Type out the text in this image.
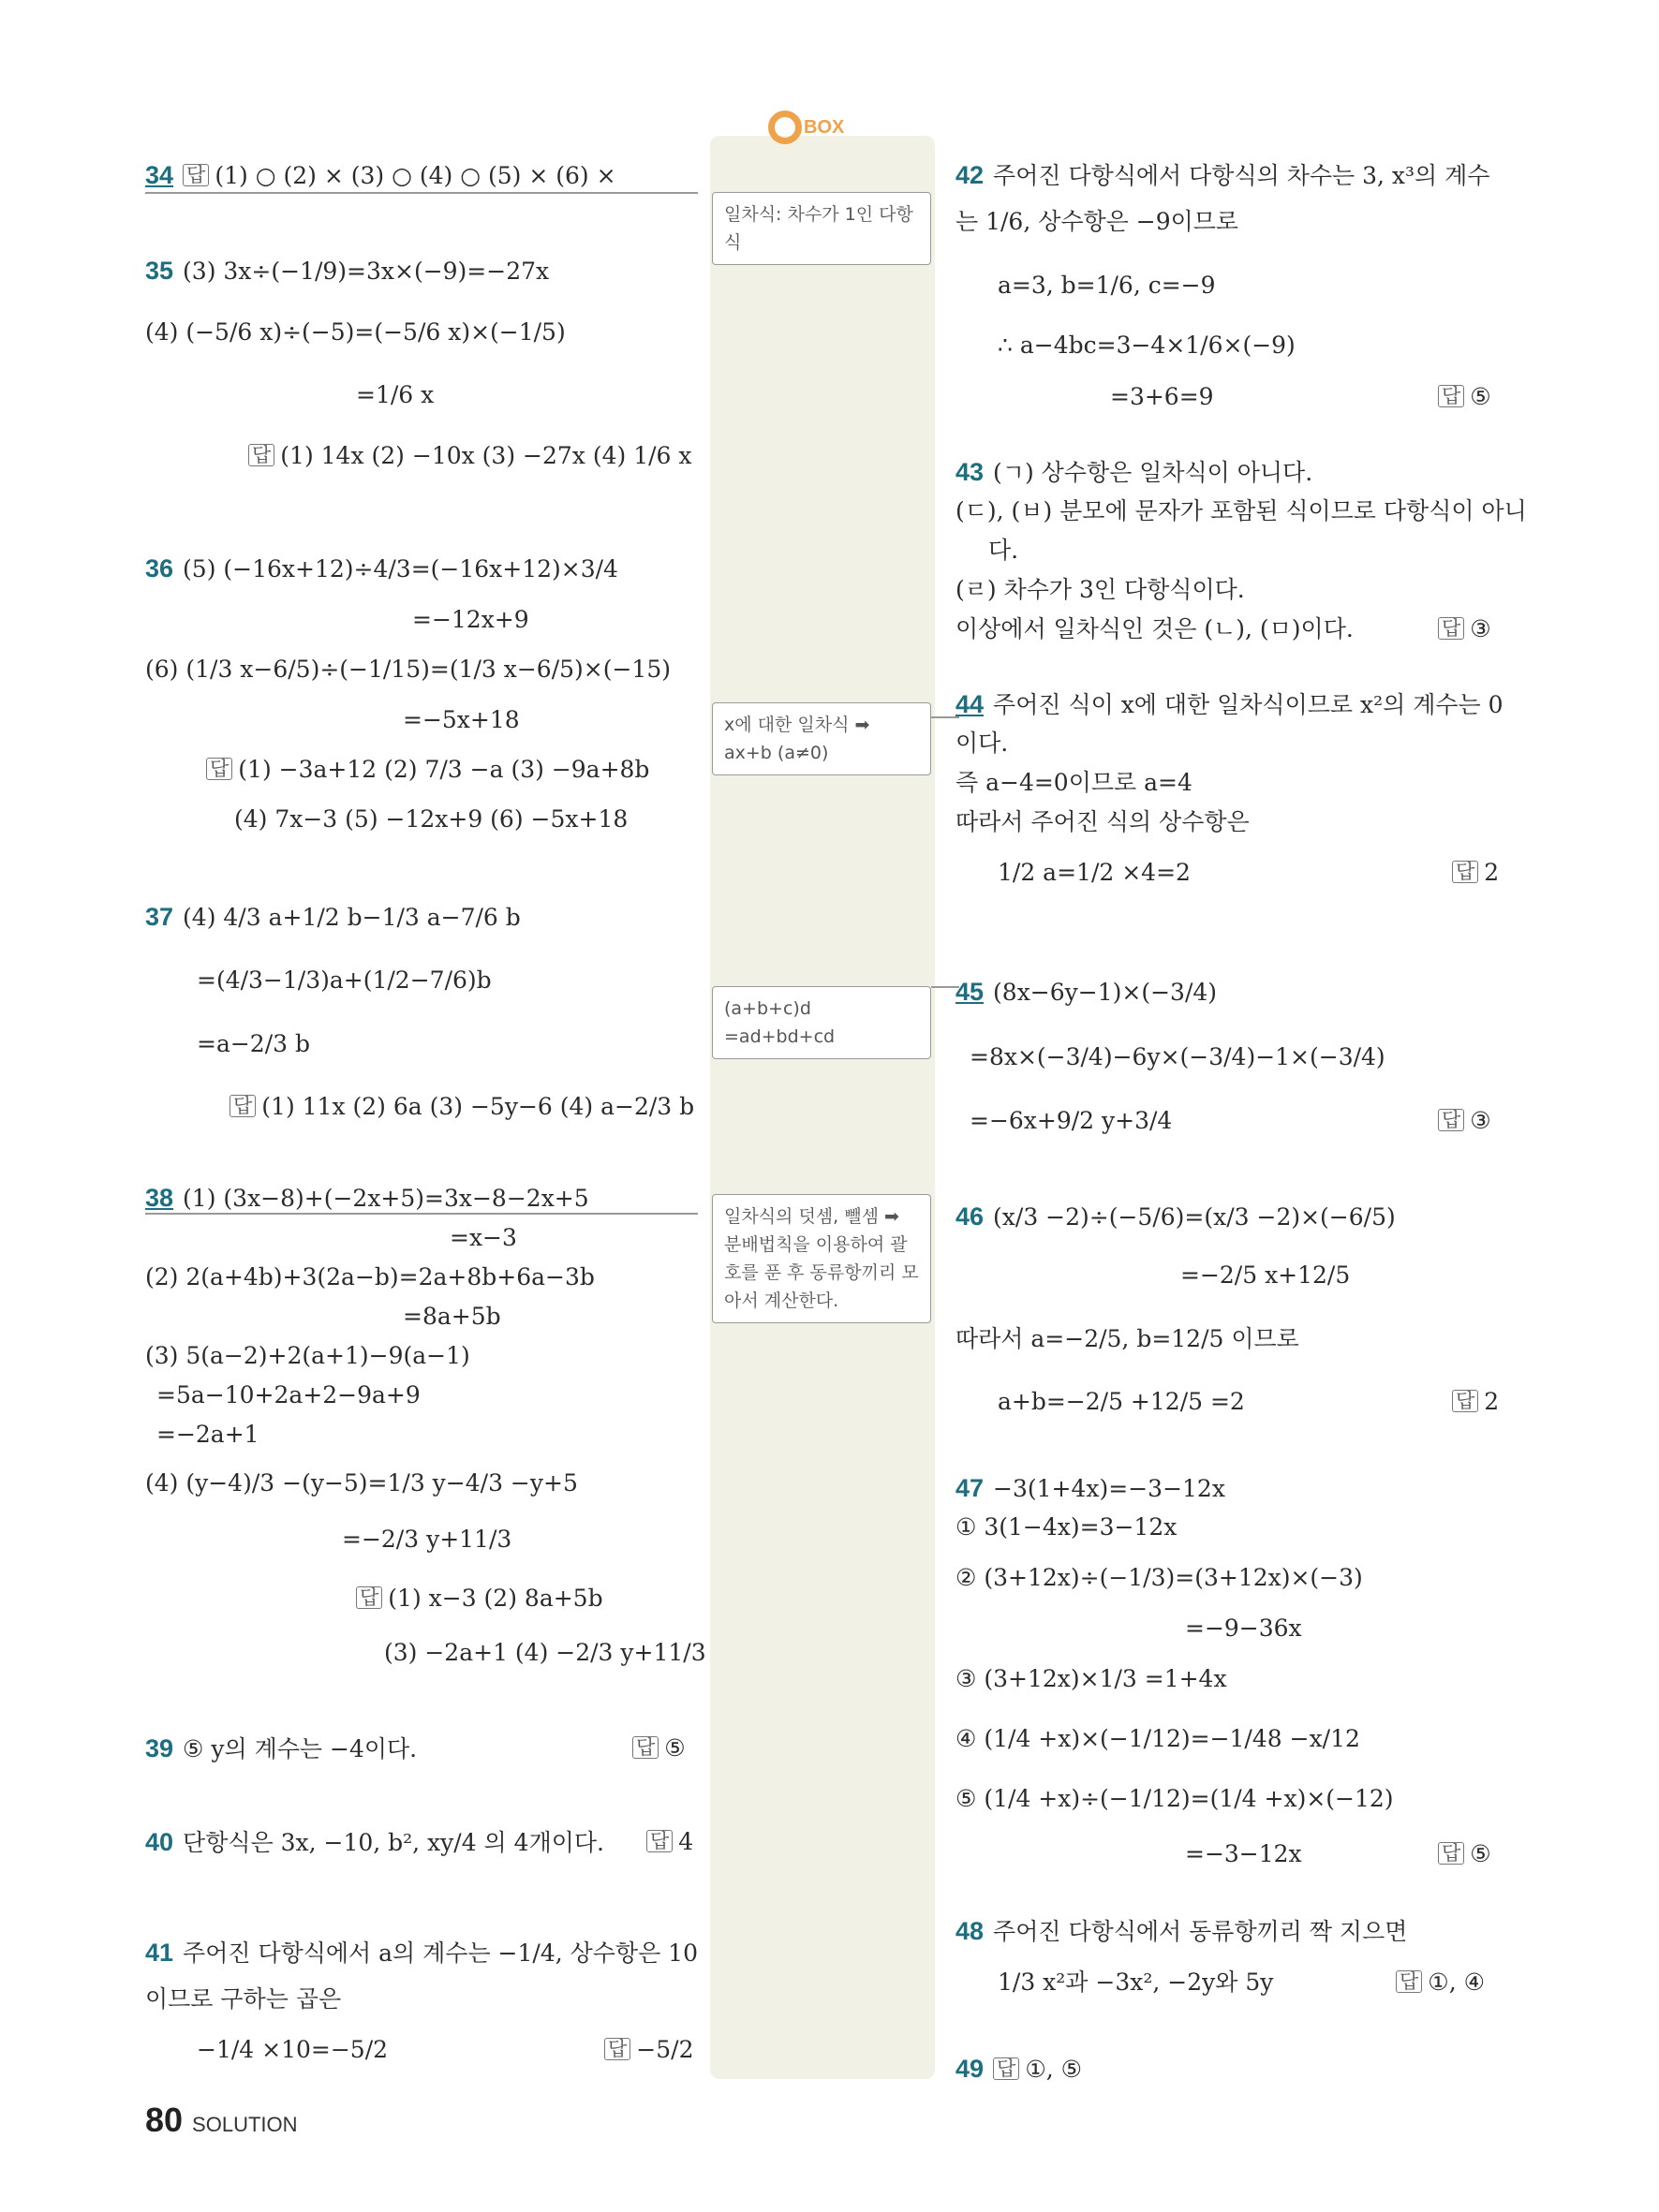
BOX
일차식: 차수가 1인 다항식
x에 대한 일차식 ➡ ax+b (a≠0)
(a+b+c)d =ad+bd+cd
일차식의 덧셈, 뺄셈 ➡ 분배법칙을 이용하여 괄호를 푼 후 동류항끼리 모아서 계산한다.
34 답 (1) ○ (2) × (3) ○ (4) ○ (5) × (6) ×
35 (3) 3x÷(−1/9)=3x×(−9)=−27x
(4) (−5/6 x)÷(−5)=(−5/6 x)×(−1/5)
=1/6 x
답 (1) 14x (2) −10x (3) −27x (4) 1/6 x
36 (5) (−16x+12)÷4/3=(−16x+12)×3/4
=−12x+9
(6) (1/3 x−6/5)÷(−1/15)=(1/3 x−6/5)×(−15)
=−5x+18
답 (1) −3a+12 (2) 7/3 −a (3) −9a+8b
(4) 7x−3 (5) −12x+9 (6) −5x+18
37 (4) 4/3 a+1/2 b−1/3 a−7/6 b
=(4/3−1/3)a+(1/2−7/6)b
=a−2/3 b
답 (1) 11x (2) 6a (3) −5y−6 (4) a−2/3 b
38 (1) (3x−8)+(−2x+5)=3x−8−2x+5
=x−3
(2) 2(a+4b)+3(2a−b)=2a+8b+6a−3b
=8a+5b
(3) 5(a−2)+2(a+1)−9(a−1)
=5a−10+2a+2−9a+9
=−2a+1
(4) (y−4)/3 −(y−5)=1/3 y−4/3 −y+5
=−2/3 y+11/3
답 (1) x−3 (2) 8a+5b
(3) −2a+1 (4) −2/3 y+11/3
39 ⑤ y의 계수는 −4이다.	답 ⑤
40 단항식은 3x, −10, b², xy/4 의 4개이다. 답 4
41 주어진 다항식에서 a의 계수는 −1/4, 상수항은 10
이므로 구하는 곱은
−1/4 ×10=−5/2	답 −5/2
42 주어진 다항식에서 다항식의 차수는 3, x³의 계수
는 1/6, 상수항은 −9이므로
a=3, b=1/6, c=−9
∴ a−4bc=3−4×1/6×(−9)
=3+6=9	답 ⑤
43 (ㄱ) 상수항은 일차식이 아니다.
(ㄷ), (ㅂ) 분모에 문자가 포함된 식이므로 다항식이 아니
다.
(ㄹ) 차수가 3인 다항식이다.
이상에서 일차식인 것은 (ㄴ), (ㅁ)이다.	답 ③
44 주어진 식이 x에 대한 일차식이므로 x²의 계수는 0
이다.
즉 a−4=0이므로 a=4
따라서 주어진 식의 상수항은
1/2 a=1/2 ×4=2	답 2
45 (8x−6y−1)×(−3/4)
=8x×(−3/4)−6y×(−3/4)−1×(−3/4)
=−6x+9/2 y+3/4	답 ③
46 (x/3 −2)÷(−5/6)=(x/3 −2)×(−6/5)
=−2/5 x+12/5
따라서 a=−2/5, b=12/5 이므로
a+b=−2/5 +12/5 =2	답 2
47 −3(1+4x)=−3−12x
① 3(1−4x)=3−12x
② (3+12x)÷(−1/3)=(3+12x)×(−3)
=−9−36x
③ (3+12x)×1/3 =1+4x
④ (1/4 +x)×(−1/12)=−1/48 −x/12
⑤ (1/4 +x)÷(−1/12)=(1/4 +x)×(−12)
=−3−12x	답 ⑤
48 주어진 다항식에서 동류항끼리 짝 지으면
1/3 x²과 −3x², −2y와 5y	답 ①, ④
49 답 ①, ⑤
80 SOLUTION
